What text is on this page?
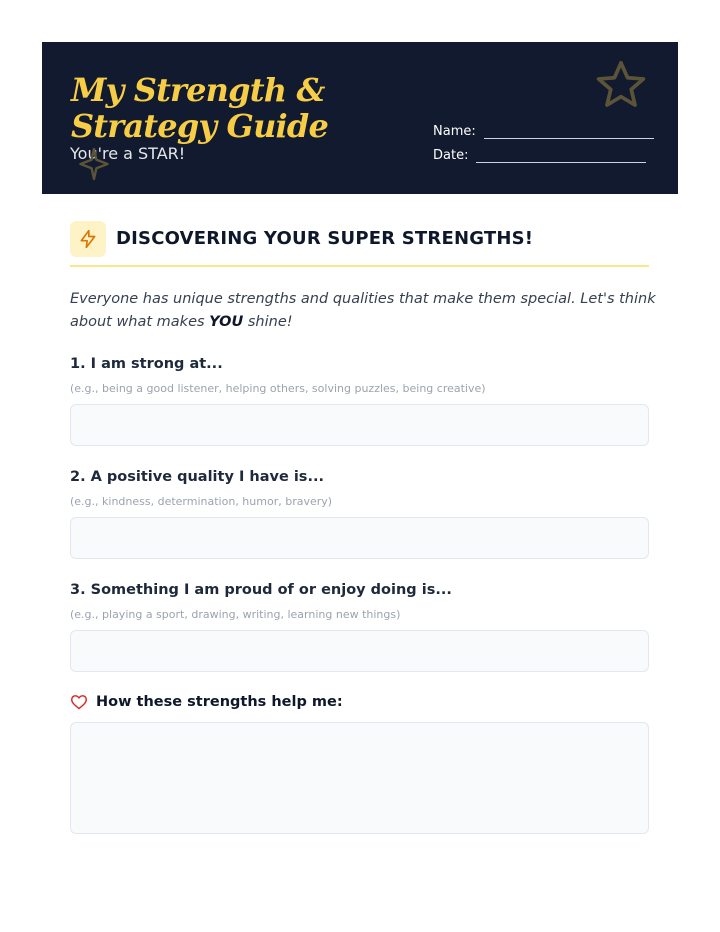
My Strength & Strategy Guide
You're a STAR!
Name:
Date:
DISCOVERING YOUR SUPER STRENGTHS!

Everyone has unique strengths and qualities that make them special. Let's think about what makes YOU shine!

1. I am strong at...
(e.g., being a good listener, helping others, solving puzzles, being creative)
2. A positive quality I have is...
(e.g., kindness, determination, humor, bravery)
3. Something I am proud of or enjoy doing is...
(e.g., playing a sport, drawing, writing, learning new things)
How these strengths help me:
